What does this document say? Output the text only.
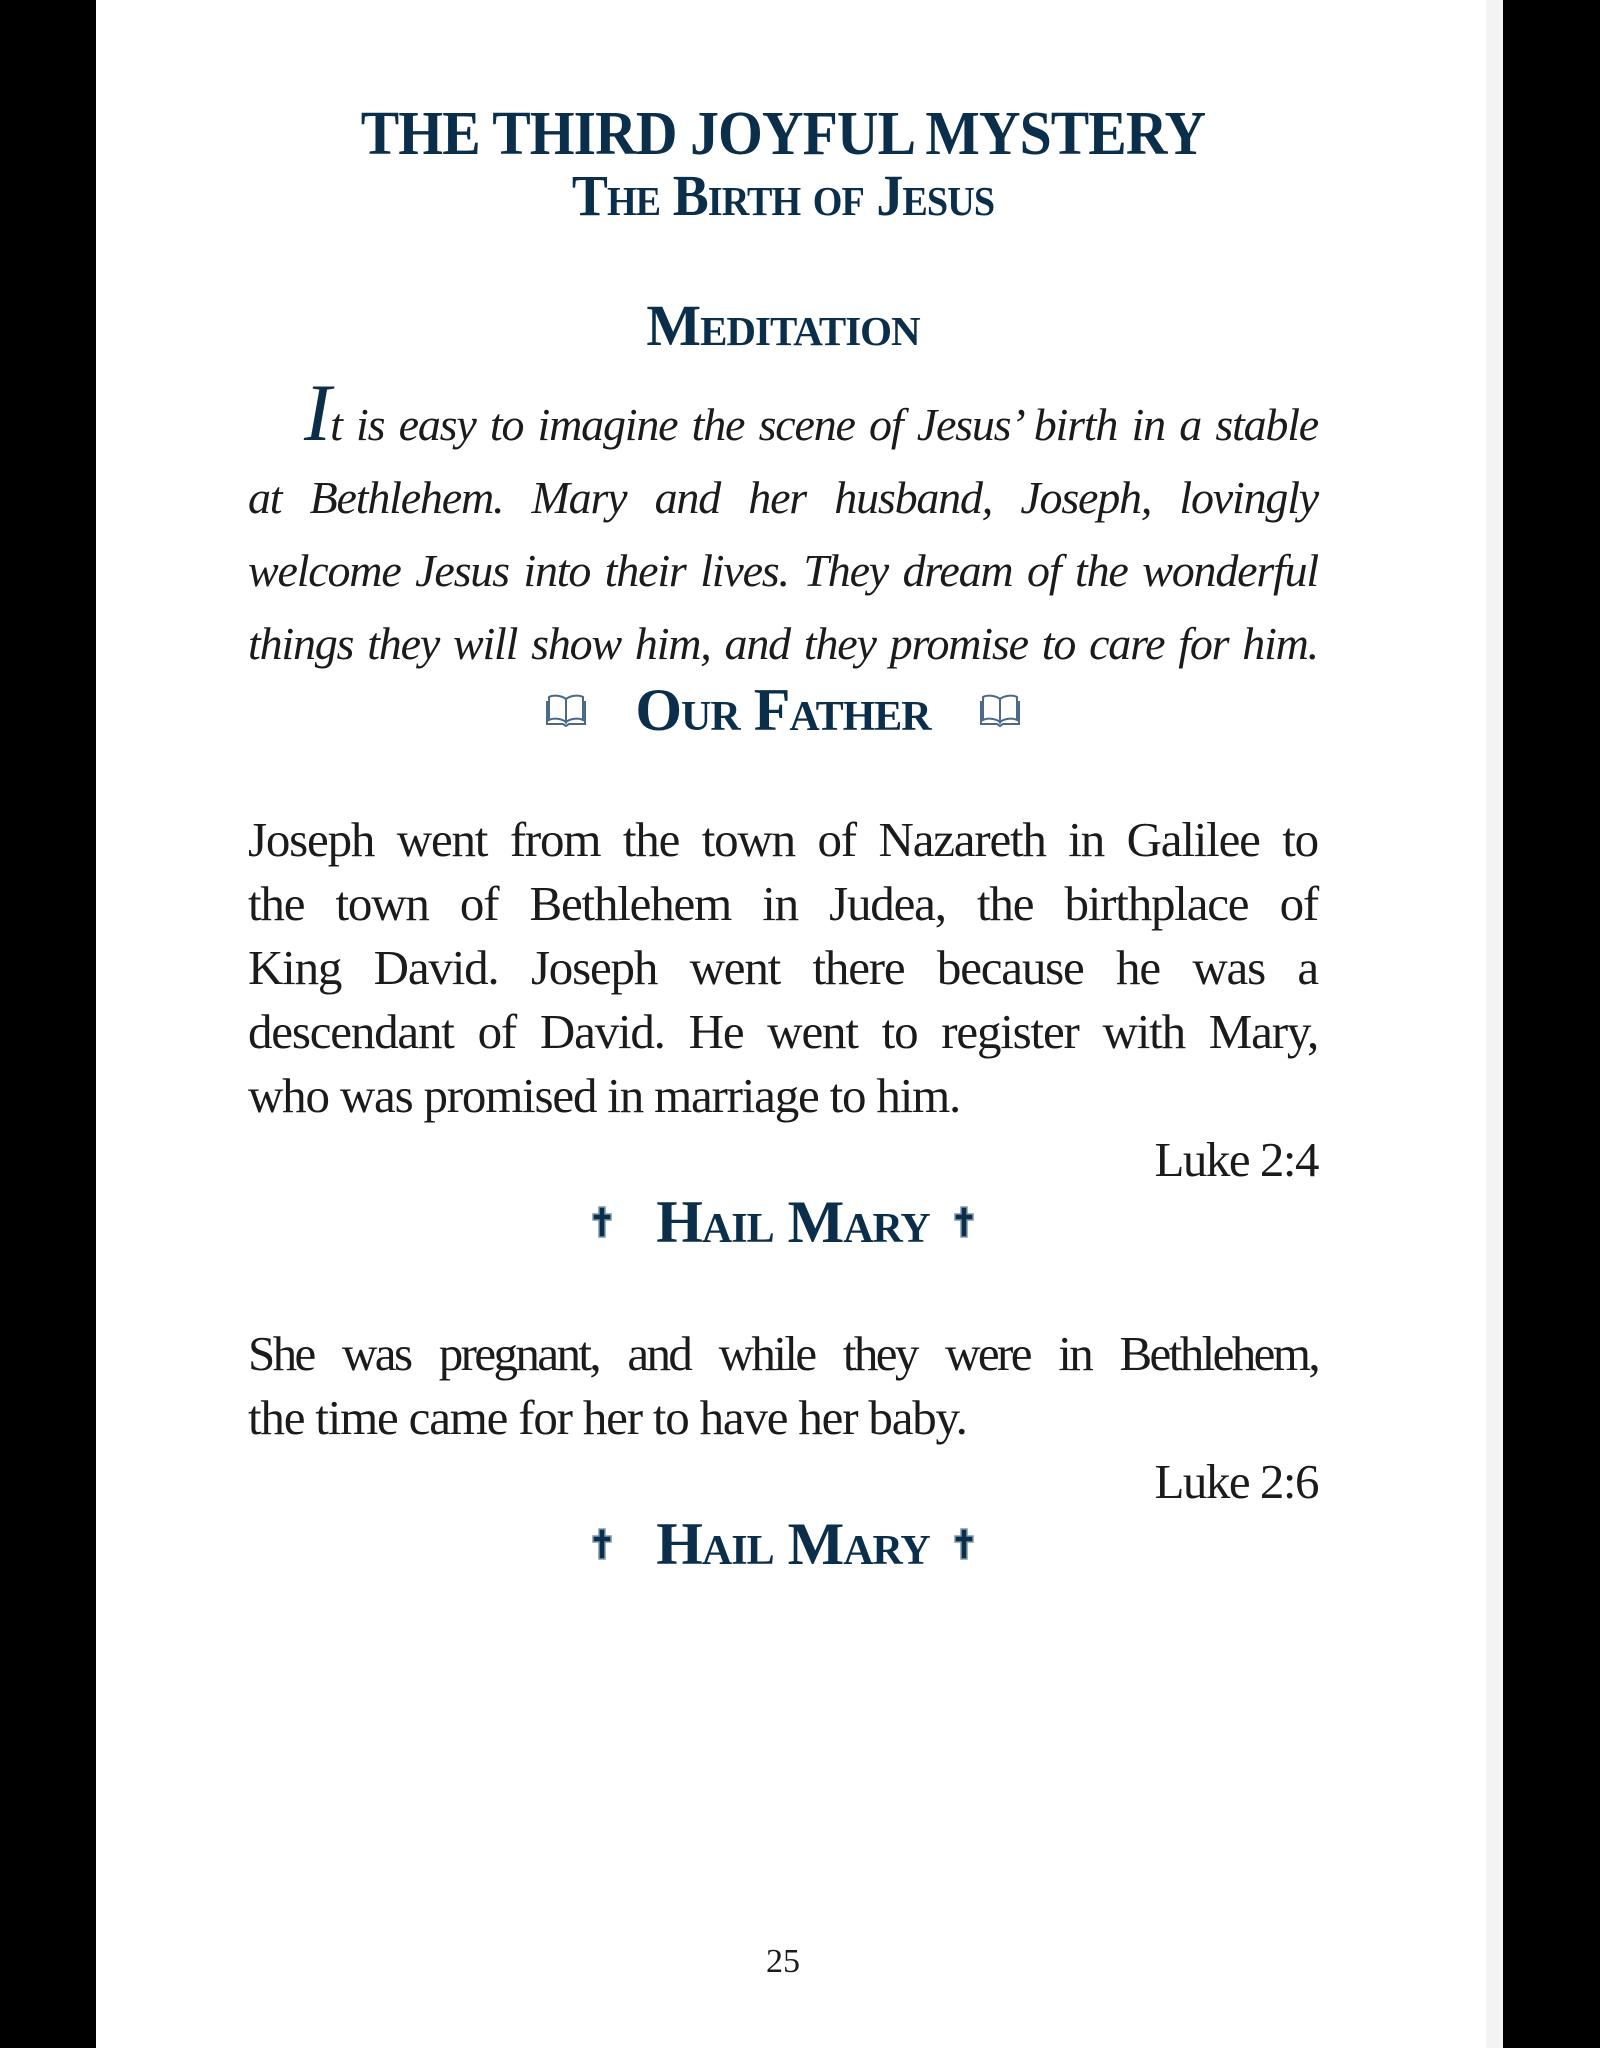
THE THIRD JOYFUL MYSTERY
The Birth of Jesus
Meditation
It is easy to imagine the scene of Jesus’ birth in a stable
at Bethlehem. Mary and her husband, Joseph, lovingly
welcome Jesus into their lives. They dream of the wonderful
things they will show him, and they promise to care for him.
Our Father
Joseph went from the town of Nazareth in Galilee to
the town of Bethlehem in Judea, the birthplace of
King David. Joseph went there because he was a
descendant of David. He went to register with Mary,
who was promised in marriage to him.
Luke 2:4
Hail Mary
She was pregnant, and while they were in Bethlehem,
the time came for her to have her baby.
Luke 2:6
Hail Mary
25
